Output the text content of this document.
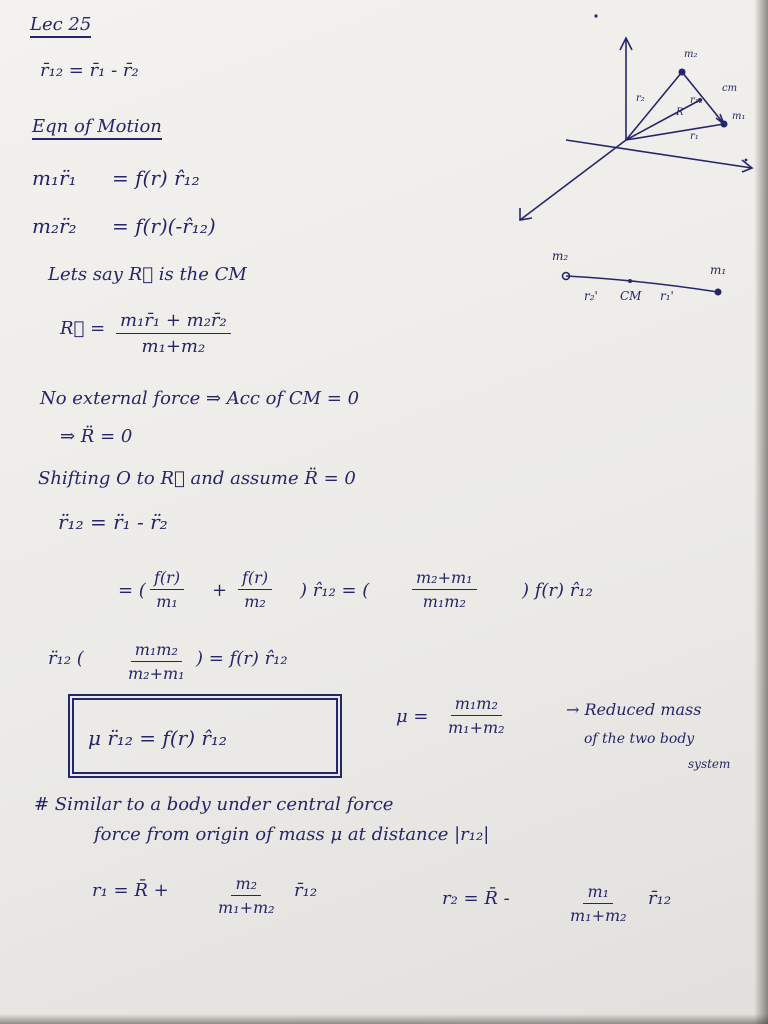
Lec 25
r̄₁₂ = r̄₁ - r̄₂
Eqn of Motion
m₁r̈₁ = f(r) r̂₁₂
m₂r̈₂ = f(r)(-r̂₁₂)
Lets say R⃗ is the CM
R⃗ = $\frac{\text{m₁r̄₁ + m₂r̄₂}}{\text{m₁+m₂}}$
No external force ⇒ Acc of CM = 0
⇒ R̈ = 0
Shifting O to R⃗ and assume R̈ = 0
r̈₁₂ = r̈₁ - r̈₂
= ( $\frac{f(r)}{\text{m₁}} + \frac{f(r)}{\text{m₂}}$ ) r̂₁₂ = (	$\frac{\text{m₂+m₁}}{\text{m₁m₂}}$	) f(r) r̂₁₂
r̈₁₂ (	$\frac{\text{m₁m₂}}{\text{m₂+m₁}}$ ) = f(r) r̂₁₂
μ r̈₁₂ = f(r) r̂₁₂
$\mu = \frac{\text{m₁m₂}}{\text{m₁+m₂}}$	→ Reduced mass
of the two body
system
# Similar to a body under central force
force from origin of mass μ at distance |r₁₂|
r₁ = R̄ +	$\frac{\text{m₂}}{\text{m₁+m₂}}$ r̄₁₂	r₂ = R̄ -	$\frac{\text{m₁}}{\text{m₁+m₂}}$ r̄₁₂
m₂
cm
m₁
r₂	r₁₂
R
r₁
m₂
m₁
r₂' CM r₁'
